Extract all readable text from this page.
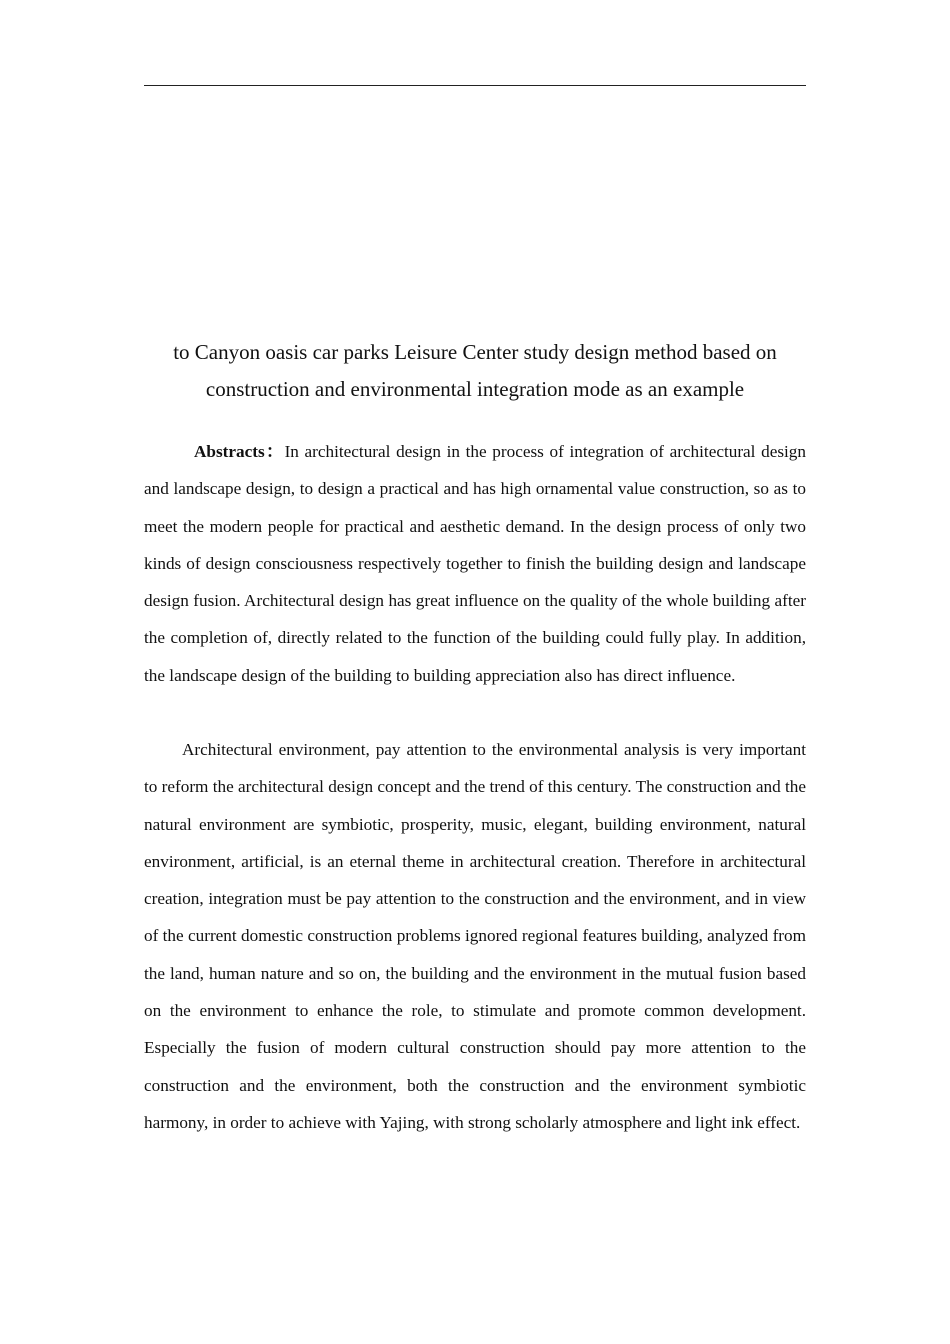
to Canyon oasis car parks Leisure Center study design method based on
construction and environmental integration mode as an example

Abstracts：In architectural design in the process of integration of architectural design and landscape design, to design a practical and has high ornamental value construction, so as to meet the modern people for practical and aesthetic demand. In the design process of only two kinds of design consciousness respectively together to finish the building design and landscape design fusion. Architectural design has great influence on the quality of the whole building after the completion of, directly related to the function of the building could fully play. In addition, the landscape design of the building to building appreciation also has direct influence.

Architectural environment, pay attention to the environmental analysis is very important to reform the architectural design concept and the trend of this century. The construction and the natural environment are symbiotic, prosperity, music, elegant, building environment, natural environment, artificial, is an eternal theme in architectural creation. Therefore in architectural creation, integration must be pay attention to the construction and the environment, and in view of the current domestic construction problems ignored regional features building, analyzed from the land, human nature and so on, the building and the environment in the mutual fusion based on the environment to enhance the role, to stimulate and promote common development. Especially the fusion of modern cultural construction should pay more attention to the construction and the environment, both the construction and the environment symbiotic harmony, in order to achieve with Yajing, with strong scholarly atmosphere and light ink effect.
